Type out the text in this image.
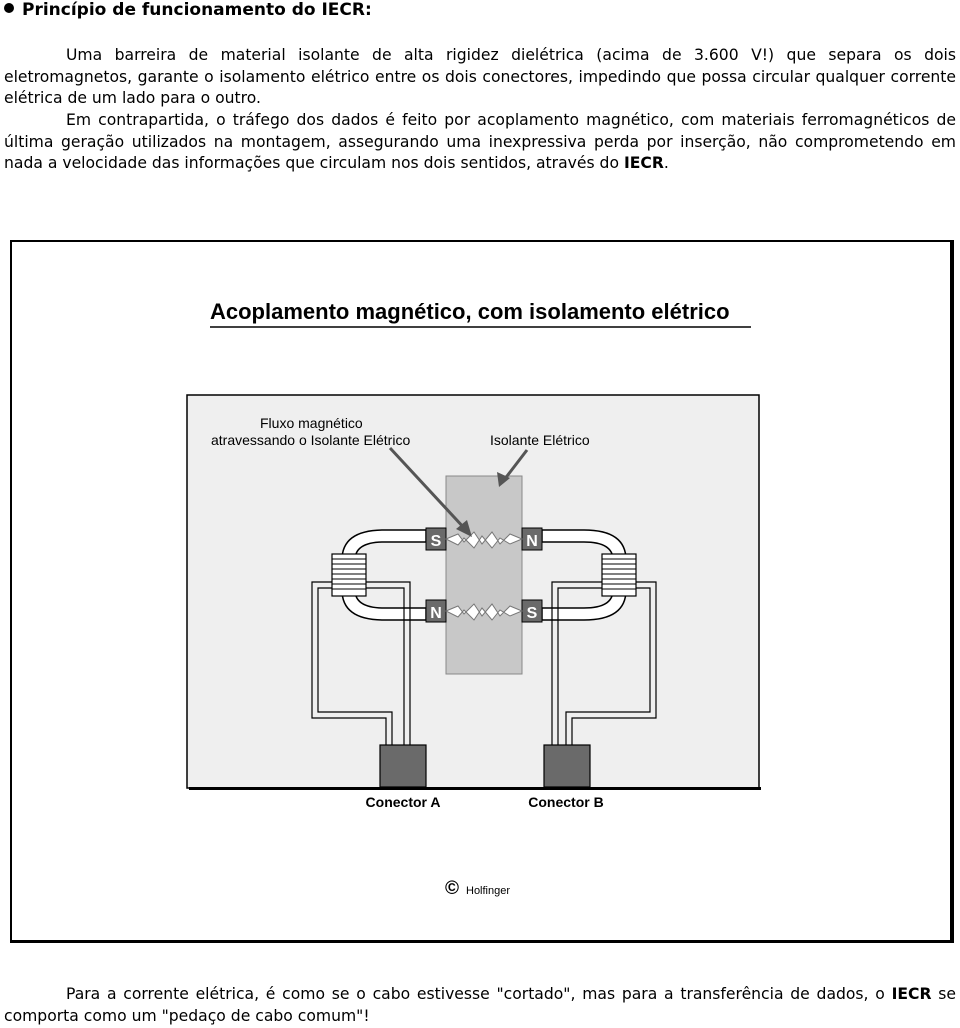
Princípio de funcionamento do IECR:

Uma barreira de material isolante de alta rigidez dielétrica (acima de 3.600 V!) que separa os dois eletromagnetos, garante o isolamento elétrico entre os dois conectores, impedindo que possa circular qualquer corrente elétrica de um lado para o outro.

Em contrapartida, o tráfego dos dados é feito por acoplamento magnético, com materiais ferromagnéticos de última geração utilizados na montagem, assegurando uma inexpressiva perda por inserção, não comprometendo em nada a velocidade das informações que circulam nos dois sentidos, através do IECR.

Acoplamento magnético, com isolamento elétrico
Fluxo magnético
atravessando o Isolante Elétrico	Isolante Elétrico
S	N
N	S
Conector A	Conector B
© Holfinger

Para a corrente elétrica, é como se o cabo estivesse "cortado", mas para a transferência de dados, o IECR se comporta como um "pedaço de cabo comum"!
